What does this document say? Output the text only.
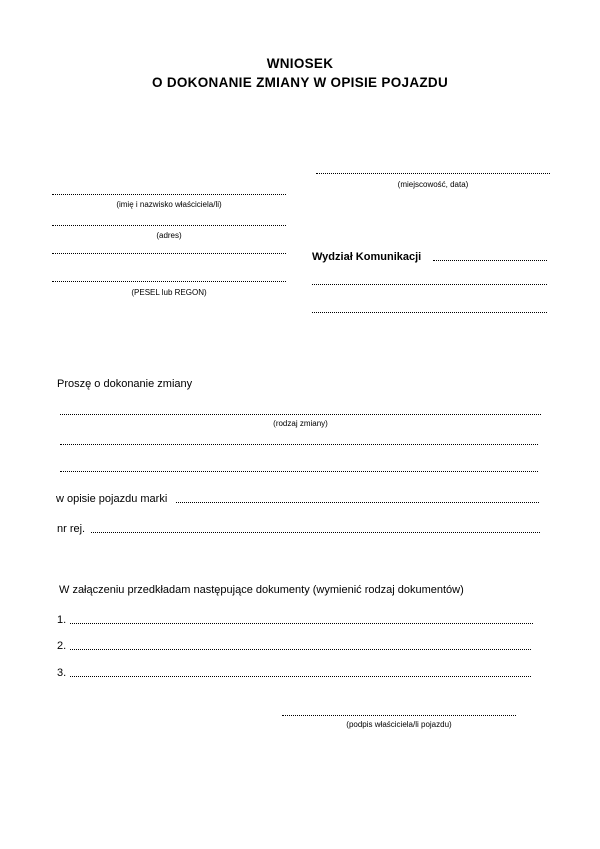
WNIOSEK
O DOKONANIE ZMIANY W OPISIE POJAZDU
(miejscowość, data)
(imię i nazwisko właściciela/li)
(adres)
(PESEL lub REGON)
Wydział Komunikacji
Proszę o dokonanie zmiany
(rodzaj zmiany)
w opisie pojazdu marki
nr rej.
W załączeniu przedkładam następujące dokumenty (wymienić rodzaj dokumentów)
1.
2.
3.
(podpis właściciela/li pojazdu)
